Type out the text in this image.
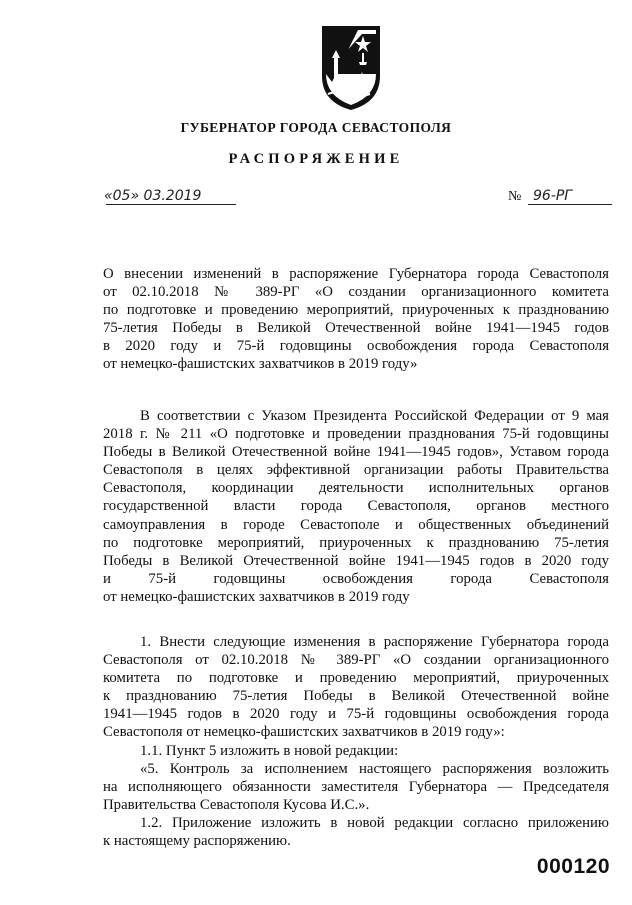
ГУБЕРНАТОР ГОРОДА СЕВАСТОПОЛЯ
РАСПОРЯЖЕНИЕ
«05» 03.2019	№ 96-РГ
О внесении изменений в распоряжение Губернатора города Севастополя
от 02.10.2018 № 389-РГ «О создании организационного комитета
по подготовке и проведению мероприятий, приуроченных к празднованию
75-летия Победы в Великой Отечественной войне 1941—1945 годов
в 2020 году и 75-й годовщины освобождения города Севастополя
от немецко-фашистских захватчиков в 2019 году»
В соответствии с Указом Президента Российской Федерации от 9 мая
2018 г. № 211 «О подготовке и проведении празднования 75-й годовщины
Победы в Великой Отечественной войне 1941—1945 годов», Уставом города
Севастополя в целях эффективной организации работы Правительства
Севастополя, координации деятельности исполнительных органов
государственной власти города Севастополя, органов местного
самоуправления в городе Севастополе и общественных объединений
по подготовке мероприятий, приуроченных к празднованию 75-летия
Победы в Великой Отечественной войне 1941—1945 годов в 2020 году
и 75-й годовщины освобождения города Севастополя
от немецко-фашистских захватчиков в 2019 году
1. Внести следующие изменения в распоряжение Губернатора города
Севастополя от 02.10.2018 № 389-РГ «О создании организационного
комитета по подготовке и проведению мероприятий, приуроченных
к празднованию 75-летия Победы в Великой Отечественной войне
1941—1945 годов в 2020 году и 75-й годовщины освобождения города
Севастополя от немецко-фашистских захватчиков в 2019 году»:
1.1. Пункт 5 изложить в новой редакции:
«5. Контроль за исполнением настоящего распоряжения возложить
на исполняющего обязанности заместителя Губернатора — Председателя
Правительства Севастополя Кусова И.С.».
1.2. Приложение изложить в новой редакции согласно приложению
к настоящему распоряжению.
000120
